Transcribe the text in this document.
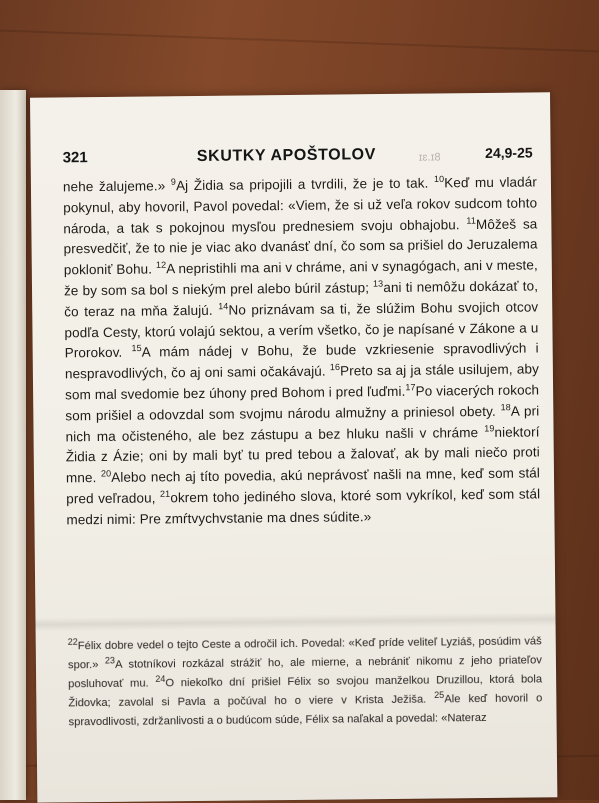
321	SKUTKY APOŠTOLOV	ɪɛ.ɪ8	24,9-25
nehe žalujeme.» $^9$Aj Židia sa pripojili a tvrdili, že je to tak. $^{10}$Keď mu vladár pokynul, aby hovoril, Pavol povedal: «Viem, že si už veľa rokov sudcom tohto národa, a tak s pokojnou mysľou prednesiem svoju obhajobu. $^{11}$Môžeš sa presvedčiť, že to nie je viac ako dvanásť dní, čo som sa prišiel do Jeruzalema pokloniť Bohu. $^{12}$A nepristihli ma ani v chráme, ani v synagógach, ani v meste, že by som sa bol s niekým prel alebo búril zástup; $^{13}$ani ti nemôžu dokázať to, čo teraz na mňa žalujú. $^{14}$No priznávam sa ti, že slúžim Bohu svojich otcov podľa Cesty, ktorú volajú sektou, a verím všetko, čo je napísané v Zákone a u Prorokov. $^{15}$A mám nádej v Bohu, že bude vzkriesenie spravodlivých i nespravodlivých, čo aj oni sami očakávajú. $^{16}$Preto sa aj ja stále usilujem, aby som mal svedomie bez úhony pred Bohom i pred ľuďmi.$^{17}$Po viacerých rokoch som prišiel a odovzdal som svojmu národu almužny a priniesol obety. $^{18}$A pri nich ma očisteného, ale bez zástupu a bez hluku našli v chráme $^{19}$niektorí Židia z Ázie; oni by mali byť tu pred tebou a žalovať, ak by mali niečo proti mne. $^{20}$Alebo nech aj títo povedia, akú neprávosť našli na mne, keď som stál pred veľradou, $^{21}$okrem toho jediného slova, ktoré som vykríkol, keď som stál medzi nimi: Pre zmŕtvychvstanie ma dnes súdite.»
$^{22}$Félix dobre vedel o tejto Ceste a odročil ich. Povedal: «Keď príde veliteľ Lyziáš, posúdim váš spor.» $^{23}$A stotníkovi rozkázal strážiť ho, ale mierne, a nebrániť nikomu z jeho priateľov posluhovať mu. $^{24}$O niekoľko dní prišiel Félix so svojou manželkou Druzillou, ktorá bola Židovka; zavolal si Pavla a počúval ho o viere v Krista Ježiša. $^{25}$Ale keď hovoril o spravodlivosti, zdržanlivosti a o budúcom súde, Félix sa naľakal a povedal: «Nateraz
